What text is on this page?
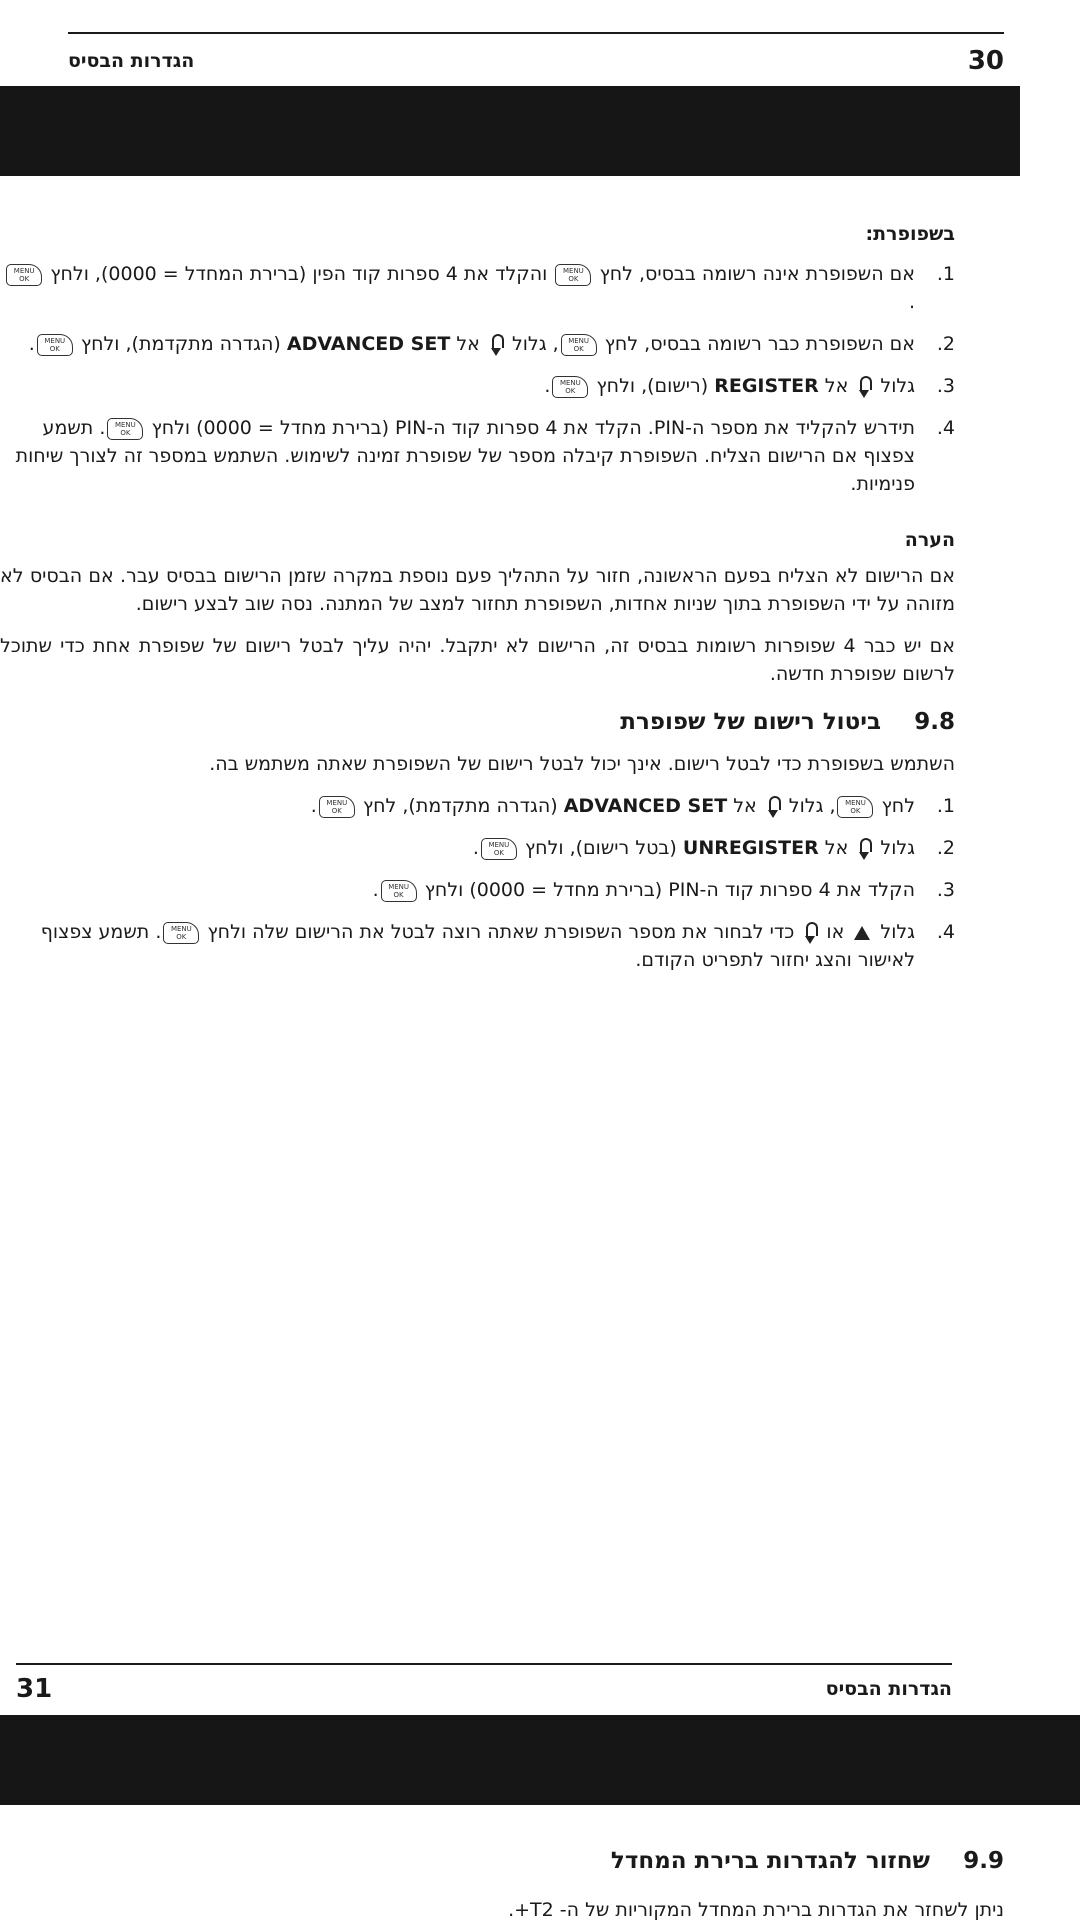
30
הגדרות הבסיס
בשפופרת:
1.
אם השפופרת אינה רשומה בבסיס, לחץ MENU
OK והקלד את 4 ספרות קוד הפין (ברירת המחדל = 0000), ולחץ MENU
OK.
2.
אם השפופרת כבר רשומה בבסיס, לחץ MENU
OK, גלול  אל ADVANCED SET (הגדרה מתקדמת), ולחץ MENU
OK.
3.
גלול  אל REGISTER (רישום), ולחץ MENU
OK.
4.
תידרש להקליד את מספר ה-PIN. הקלד את 4 ספרות קוד ה-PIN (ברירת מחדל = 0000) ולחץ MENU
OK. תשמע צפצוף אם הרישום הצליח. השפופרת קיבלה מספר של שפופרת זמינה לשימוש. השתמש במספר זה לצורך שיחות פנימיות.
הערה

אם הרישום לא הצליח בפעם הראשונה, חזור על התהליך פעם נוספת במקרה שזמן הרישום בבסיס עבר. אם הבסיס לא מזוהה על ידי השפופרת בתוך שניות אחדות, השפופרת תחזור למצב של המתנה. נסה שוב לבצע רישום.

אם יש כבר 4 שפופרות רשומות בבסיס זה, הרישום לא יתקבל. יהיה עליך לבטל רישום של שפופרת אחת כדי שתוכל לרשום שפופרת חדשה.

9.8
ביטול רישום של שפופרת

השתמש בשפופרת כדי לבטל רישום. אינך יכול לבטל רישום של השפופרת שאתה משתמש בה.

1.
לחץ MENU
OK, גלול  אל ADVANCED SET (הגדרה מתקדמת), לחץ MENU
OK.
2.
גלול  אל UNREGISTER (בטל רישום), ולחץ MENU
OK.
3.
הקלד את 4 ספרות קוד ה-PIN (ברירת מחדל = 0000) ולחץ MENU
OK.
4.
גלול  או  כדי לבחור את מספר השפופרת שאתה רוצה לבטל את הרישום שלה ולחץ MENU
OK. תשמע צפצוף לאישור והצג יחזור לתפריט הקודם.
31	הגדרות הבסיס
9.9
שחזור להגדרות ברירת המחדל
ניתן לשחזר את הגדרות ברירת המחדל המקוריות של ה- T2+.
